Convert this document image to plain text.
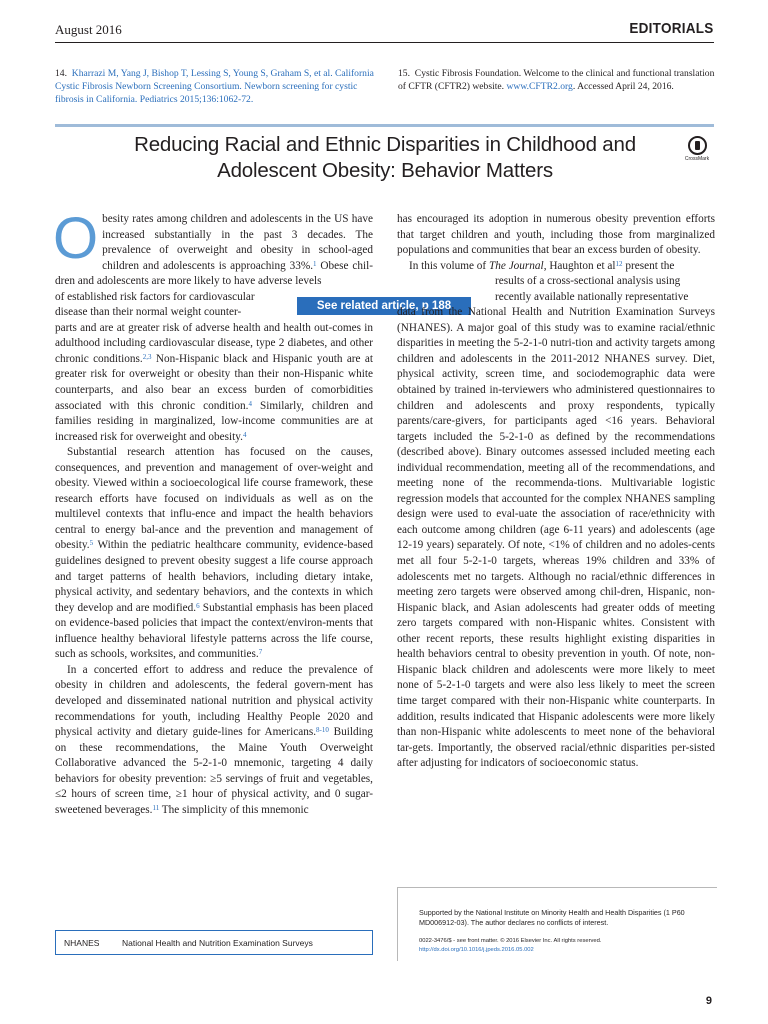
August 2016	EDITORIALS
14. Kharrazi M, Yang J, Bishop T, Lessing S, Young S, Graham S, et al. California Cystic Fibrosis Newborn Screening Consortium. Newborn screening for cystic fibrosis in California. Pediatrics 2015;136:1062-72.
15. Cystic Fibrosis Foundation. Welcome to the clinical and functional translation of CFTR (CFTR2) website. www.CFTR2.org. Accessed April 24, 2016.
Reducing Racial and Ethnic Disparities in Childhood and Adolescent Obesity: Behavior Matters	CrossMark

O besity rates among children and adolescents in the US have increased substantially in the past 3 decades. The prevalence of overweight and obesity in school-aged children and adolescents is approaching 33%.$^1$ Obese chil- dren and adolescents are more likely to have adverse levels
of established risk factors for cardiovascular
disease than their normal weight counter-
parts and are at greater risk of adverse health and health out-comes in adulthood including cardiovascular disease, type 2 diabetes, and other chronic conditions.$^{2,3}$ Non-Hispanic black and Hispanic youth are at greater risk for overweight or obesity than their non-Hispanic white counterparts, and also bear an excess burden of comorbidities associated with this chronic condition.$^4$ Similarly, children and families residing in marginalized, low-income communities are at increased risk for overweight and obesity.$^4$

Substantial research attention has focused on the causes, consequences, and prevention and management of over-weight and obesity. Viewed within a socioecological life course framework, these research efforts have focused on individuals as well as on the multilevel contexts that influ-ence and impact the health behaviors central to energy bal-ance and the prevention and management of obesity.$^5$ Within the pediatric healthcare community, evidence-based guidelines designed to prevent obesity suggest a life course approach and target patterns of health behaviors, including dietary intake, physical activity, and sedentary behaviors, and the contexts in which they develop and are modified.$^6$ Substantial emphasis has been placed on evidence-based policies that impact the context/environ-ments that influence healthy behavioral lifestyle patterns across the life course, such as schools, worksites, and communities.$^7$

In a concerted effort to address and reduce the prevalence of obesity in children and adolescents, the federal govern-ment has developed and disseminated national nutrition and physical activity recommendations for youth, including Healthy People 2020 and physical activity and dietary guide-lines for Americans.$^{8-10}$ Building on these recommendations, the Maine Youth Overweight Collaborative advanced the 5-2-1-0 mnemonic, targeting 4 daily behaviors for obesity prevention: ≥5 servings of fruit and vegetables, ≤2 hours of screen time, ≥1 hour of physical activity, and 0 sugar-sweetened beverages.$^{11}$ The simplicity of this mnemonic

See related article, p 188

has encouraged its adoption in numerous obesity prevention efforts that target children and youth, including those from marginalized populations and communities that bear an excess burden of obesity.

In this volume of The Journal, Haughton et $al^{12}$ present the
results of a cross-sectional analysis using
recently available nationally representative
data from the National Health and Nutrition Examination Surveys (NHANES). A major goal of this study was to examine racial/ethnic disparities in meeting the 5-2-1-0 nutri-tion and activity targets among children and adolescents in the 2011-2012 NHANES survey. Diet, physical activity, screen time, and sociodemographic data were obtained by trained in-terviewers who administered questionnaires to children and adolescents and proxy respondents, typically parents/care-givers, for participants aged <16 years. Behavioral targets included the 5-2-1-0 as defined by the recommendations (described above). Binary outcomes assessed included meeting each individual recommendation, meeting all of the recommendations, and meeting none of the recommenda-tions. Multivariable logistic regression models that accounted for the complex NHANES sampling design were used to eval-uate the association of race/ethnicity with each outcome among children (age 6-11 years) and adolescents (age 12-19 years) separately. Of note, <1% of children and no adoles-cents met all four 5-2-1-0 targets, whereas 19% children and 33% of adolescents met no targets. Although no racial/ethnic differences in meeting zero targets were observed among chil-dren, Hispanic, non-Hispanic black, and Asian adolescents had greater odds of meeting zero targets compared with non-Hispanic whites. Consistent with other recent reports, these results highlight existing disparities in health behaviors central to obesity prevention in youth. Of note, non-Hispanic black children and adolescents were more likely to meet none of 5-2-1-0 targets and were also less likely to meet the screen time target compared with their non-Hispanic white counterparts. In addition, results indicated that Hispanic adolescents were more likely than non-Hispanic white adolescents to meet none of the behavioral tar-gets. Importantly, the observed racial/ethnic disparities per-sisted after adjusting for indicators of socioeconomic status.

NHANES	National Health and Nutrition Examination Surveys
Supported by the National Institute on Minority Health and Health Disparities (1 P60 MD006912-03). The author declares no conflicts of interest.
0022-3476/$ - see front matter. © 2016 Elsevier Inc. All rights reserved.
http://dx.doi.org/10.1016/j.jpeds.2016.05.002
9
